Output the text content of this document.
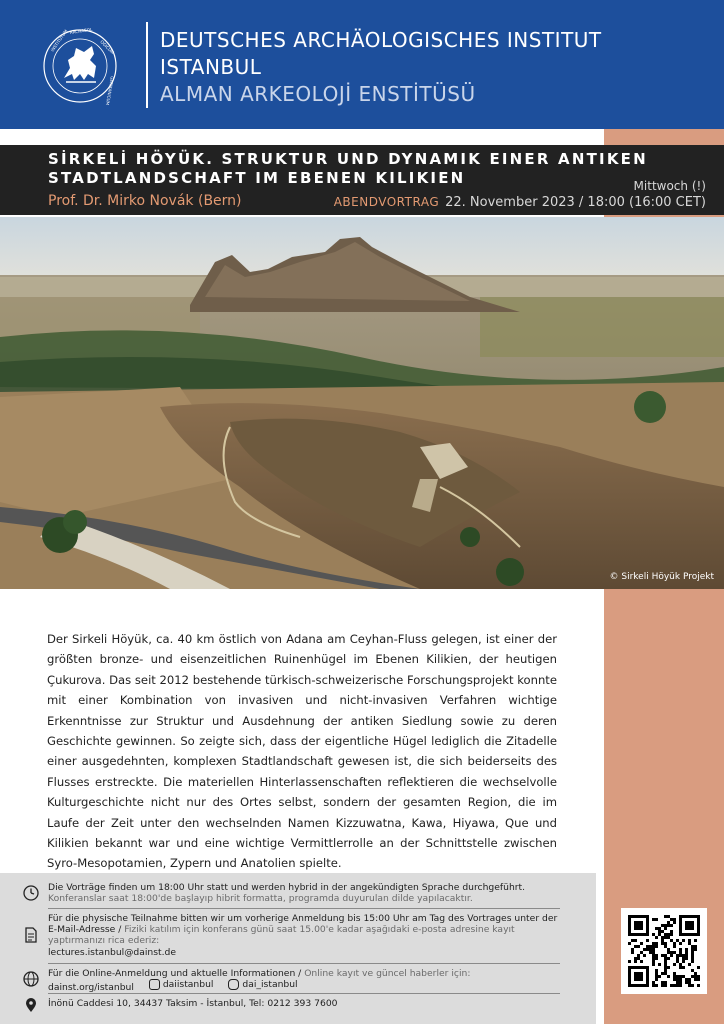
INSTITUTUM ARCHAEOL
OGICUM
GERMANICUM
DEUTSCHES ARCHÄOLOGISCHES INSTITUT
ISTANBUL
ALMAN ARKEOLOJİ ENSTİTÜSÜ
SİRKELİ HÖYÜK. STRUKTUR UND DYNAMIK EINER ANTIKEN STADTLANDSCHAFT IM EBENEN KILIKIEN
Prof. Dr. Mirko Novák (Bern)
Mittwoch (!)
ABENDVORTRAG 22. November 2023 / 18:00 (16:00 CET)
© Sirkeli Höyük Projekt
Der Sirkeli Höyük, ca. 40 km östlich von Adana am Ceyhan-Fluss gelegen, ist einer der größten bronze- und eisenzeitlichen Ruinenhügel im Ebenen Kilikien, der heutigen Çukurova. Das seit 2012 bestehende türkisch-schweizerische Forschungsprojekt konnte mit einer Kombination von invasiven und nicht-invasiven Verfahren wichtige Erkenntnisse zur Struktur und Ausdehnung der antiken Siedlung sowie zu deren Geschichte gewinnen. So zeigte sich, dass der eigentliche Hügel lediglich die Zitadelle einer ausgedehnten, komplexen Stadtlandschaft gewesen ist, die sich beiderseits des Flusses erstreckte. Die materiellen Hinterlassenschaften reflektieren die wechselvolle Kulturgeschichte nicht nur des Ortes selbst, sondern der gesamten Region, die im Laufe der Zeit unter den wechselnden Namen Kizzuwatna, Kawa, Hiyawa, Que und Kilikien bekannt war und eine wichtige Vermittlerrolle an der Schnittstelle zwischen Syro-Mesopotamien, Zypern und Anatolien spielte.
Die Vorträge finden um 18:00 Uhr statt und werden hybrid in der angekündigten Sprache durchgeführt.
Konferanslar saat 18:00'de başlayıp hibrit formatta, programda duyurulan dilde yapılacaktır.
Für die physische Teilnahme bitten wir um vorherige Anmeldung bis 15:00 Uhr am Tag des Vortrages unter der E-Mail-Adresse / Fiziki katılım için konferans günü saat 15.00'e kadar aşağıdaki e-posta adresine kayıt yaptırmanızı rica ederiz:
lectures.istanbul@dainst.de
Für die Online-Anmeldung und aktuelle Informationen / Online kayıt ve güncel haberler için:
dainst.org/istanbul
	daiistanbul
	dai_istanbul
İnönü Caddesi 10, 34437 Taksim - İstanbul, Tel: 0212 393 7600
